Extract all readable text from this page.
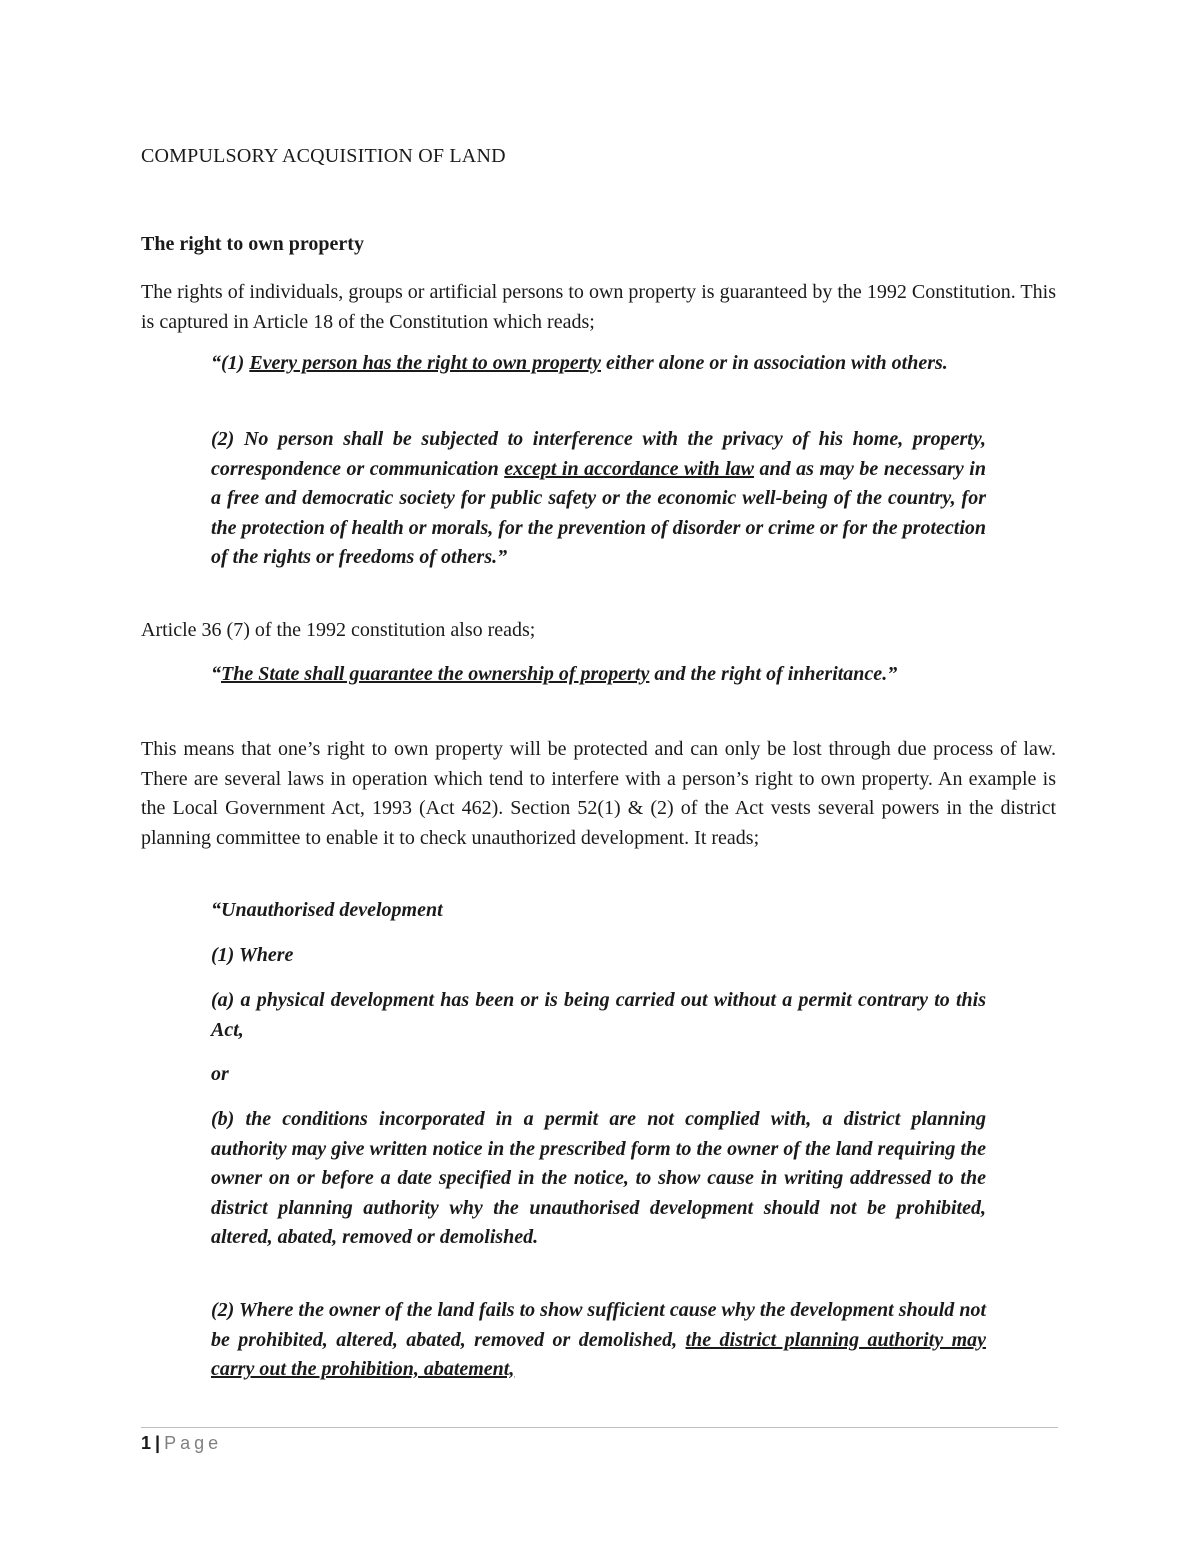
COMPULSORY ACQUISITION OF LAND
The right to own property
The rights of individuals, groups or artificial persons to own property is guaranteed by the 1992 Constitution. This is captured in Article 18 of the Constitution which reads;
“(1) Every person has the right to own property either alone or in association with others.
(2) No person shall be subjected to interference with the privacy of his home, property, correspondence or communication except in accordance with law and as may be necessary in a free and democratic society for public safety or the economic well-being of the country, for the protection of health or morals, for the prevention of disorder or crime or for the protection of the rights or freedoms of others.”
Article 36 (7) of the 1992 constitution also reads;
“The State shall guarantee the ownership of property and the right of inheritance.”
This means that one’s right to own property will be protected and can only be lost through due process of law. There are several laws in operation which tend to interfere with a person’s right to own property. An example is the Local Government Act, 1993 (Act 462). Section 52(1) & (2) of the Act vests several powers in the district planning committee to enable it to check unauthorized development. It reads;
“Unauthorised development
(1) Where
(a) a physical development has been or is being carried out without a permit contrary to this Act,
or
(b) the conditions incorporated in a permit are not complied with, a district planning authority may give written notice in the prescribed form to the owner of the land requiring the owner on or before a date specified in the notice, to show cause in writing addressed to the district planning authority why the unauthorised development should not be prohibited, altered, abated, removed or demolished.
(2) Where the owner of the land fails to show sufficient cause why the development should not be prohibited, altered, abated, removed or demolished, the district planning authority may carry out the prohibition, abatement,
1 | Page
